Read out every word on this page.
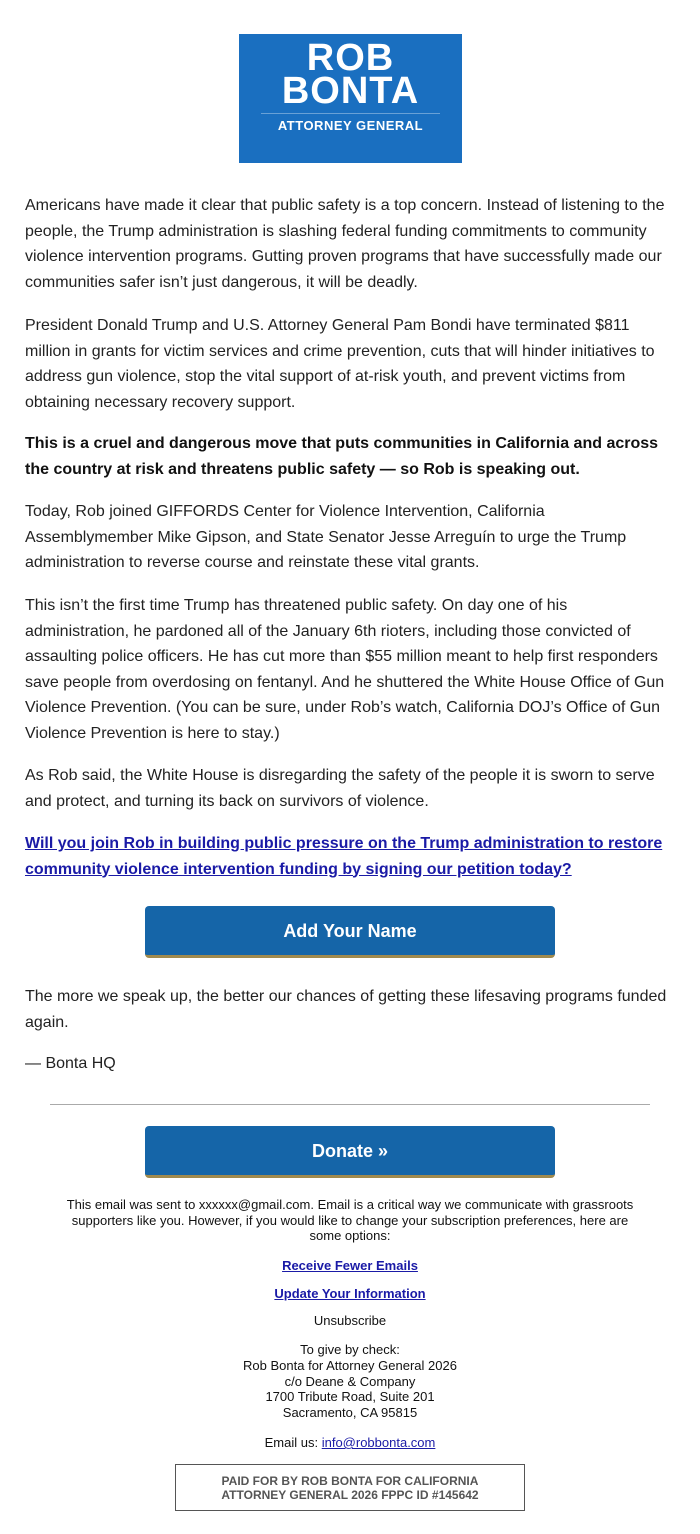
ROB
BONTA
ATTORNEY GENERAL

Americans have made it clear that public safety is a top concern. Instead of listening to the people, the Trump administration is slashing federal funding commitments to community violence intervention programs. Gutting proven programs that have successfully made our communities safer isn’t just dangerous, it will be deadly.

President Donald Trump and U.S. Attorney General Pam Bondi have terminated $811 million in grants for victim services and crime prevention, cuts that will hinder initiatives to address gun violence, stop the vital support of at-risk youth, and prevent victims from obtaining necessary recovery support.

This is a cruel and dangerous move that puts communities in California and across the country at risk and threatens public safety — so Rob is speaking out.

Today, Rob joined GIFFORDS Center for Violence Intervention, California Assemblymember Mike Gipson, and State Senator Jesse Arreguín to urge the Trump administration to reverse course and reinstate these vital grants.

This isn’t the first time Trump has threatened public safety. On day one of his administration, he pardoned all of the January 6th rioters, including those convicted of assaulting police officers. He has cut more than $55 million meant to help first responders save people from overdosing on fentanyl. And he shuttered the White House Office of Gun Violence Prevention. (You can be sure, under Rob’s watch, California DOJ’s Office of Gun Violence Prevention is here to stay.)

As Rob said, the White House is disregarding the safety of the people it is sworn to serve and protect, and turning its back on survivors of violence.

Will you join Rob in building public pressure on the Trump administration to restore community violence intervention funding by signing our petition today?

Add Your Name

The more we speak up, the better our chances of getting these lifesaving programs funded again.

— Bonta HQ

Donate »
This email was sent to xxxxxx@gmail.com. Email is a critical way we communicate with grassroots supporters like you. However, if you would like to change your subscription preferences, here are some options:
Receive Fewer Emails
Update Your Information
Unsubscribe
To give by check:
Rob Bonta for Attorney General 2026
c/o Deane & Company
1700 Tribute Road, Suite 201
Sacramento, CA 95815
Email us: info@robbonta.com
PAID FOR BY ROB BONTA FOR CALIFORNIA
ATTORNEY GENERAL 2026 FPPC ID #145642
